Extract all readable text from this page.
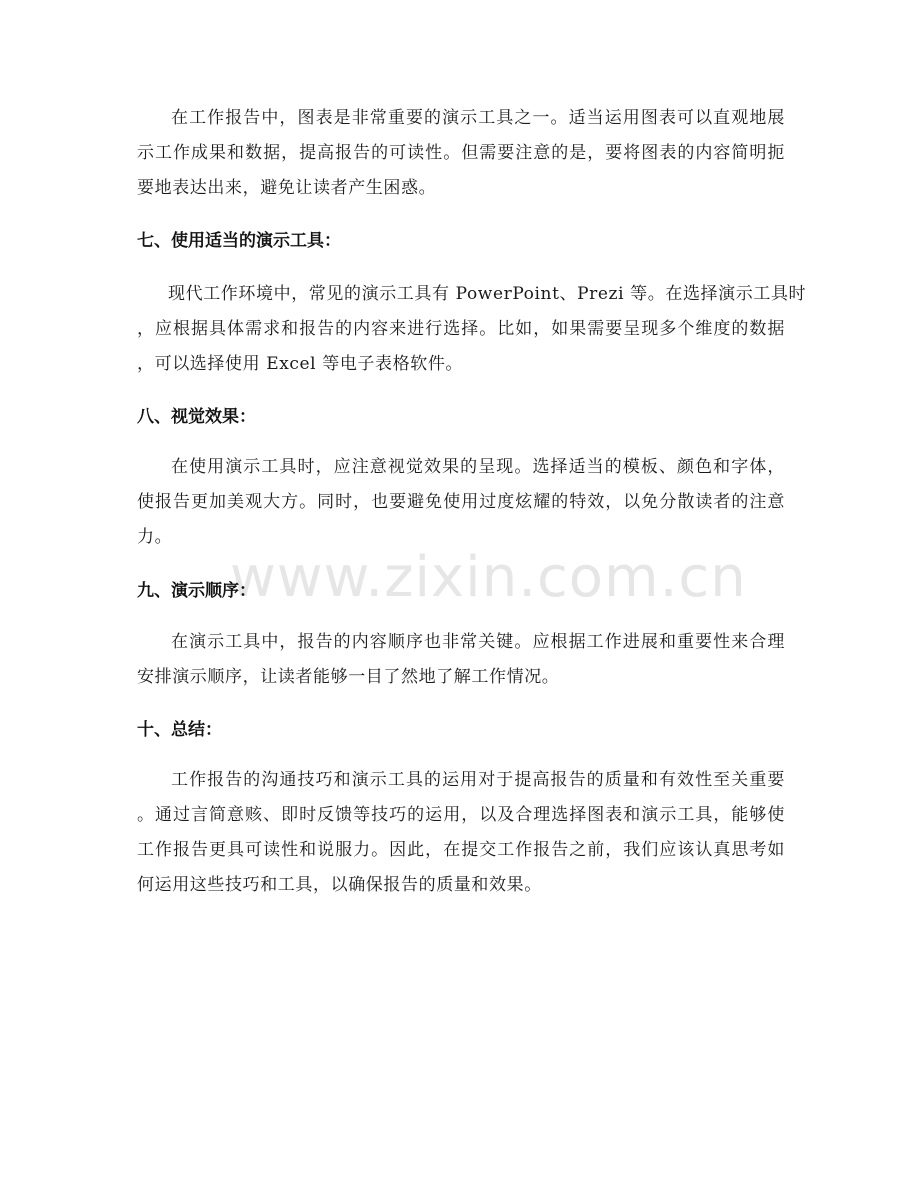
www.zixin.com.cn
在工作报告中，图表是非常重要的演示工具之一。适当运用图表可以直观地展
示工作成果和数据，提高报告的可读性。但需要注意的是，要将图表的内容简明扼
要地表达出来，避免让读者产生困惑。
七、使用适当的演示工具：
现代工作环境中，常见的演示工具有 PowerPoint、Prezi 等。在选择演示工具时
，应根据具体需求和报告的内容来进行选择。比如，如果需要呈现多个维度的数据
，可以选择使用 Excel 等电子表格软件。
八、视觉效果：
在使用演示工具时，应注意视觉效果的呈现。选择适当的模板、颜色和字体，
使报告更加美观大方。同时，也要避免使用过度炫耀的特效，以免分散读者的注意
力。
九、演示顺序：
在演示工具中，报告的内容顺序也非常关键。应根据工作进展和重要性来合理
安排演示顺序，让读者能够一目了然地了解工作情况。
十、总结：
工作报告的沟通技巧和演示工具的运用对于提高报告的质量和有效性至关重要
。通过言简意赅、即时反馈等技巧的运用，以及合理选择图表和演示工具，能够使
工作报告更具可读性和说服力。因此，在提交工作报告之前，我们应该认真思考如
何运用这些技巧和工具，以确保报告的质量和效果。
